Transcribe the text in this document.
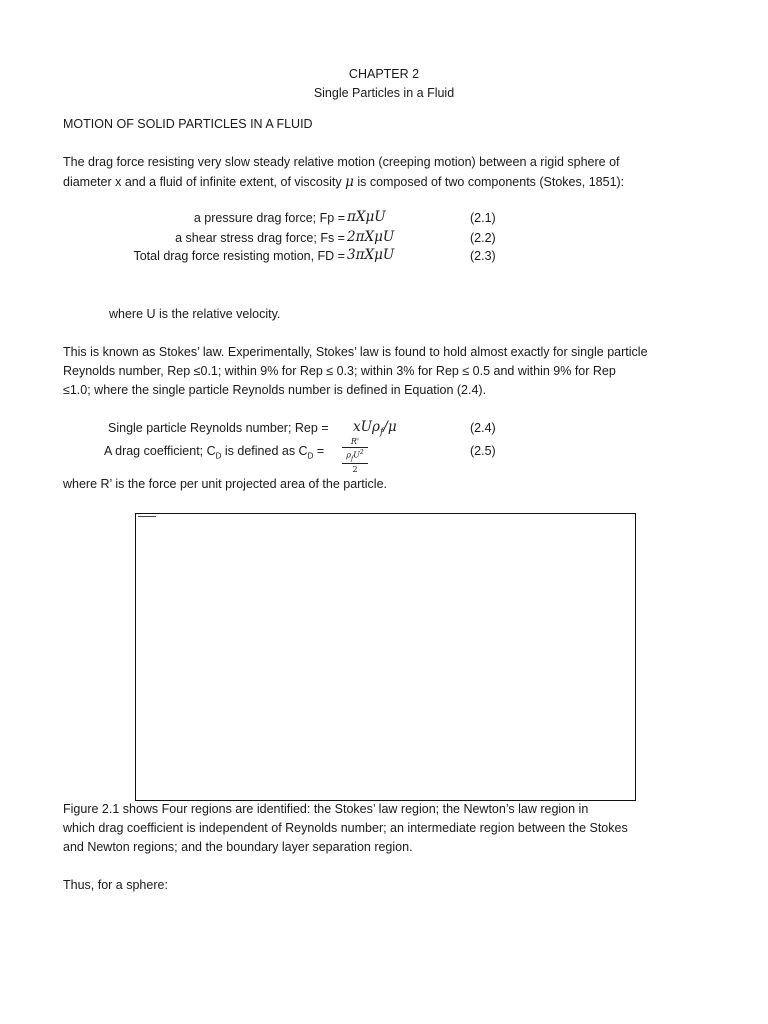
CHAPTER 2
Single Particles in a Fluid
MOTION OF SOLID PARTICLES IN A FLUID
The drag force resisting very slow steady relative motion (creeping motion) between a rigid sphere of
diameter x and a fluid of infinite extent, of viscosity μ is composed of two components (Stokes, 1851):
a pressure drag force; Fp = πXμU	(2.1)
a shear stress drag force; Fs = 2πXμU	(2.2)
Total drag force resisting motion, FD = 3πXμU	(2.3)
where U is the relative velocity.
This is known as Stokes’ law. Experimentally, Stokes’ law is found to hold almost exactly for single particle
Reynolds number, Rep ≤0.1; within 9% for Rep ≤ 0.3; within 3% for Rep ≤ 0.5 and within 9% for Rep
≤1.0; where the single particle Reynolds number is defined in Equation (2.4).
Single particle Reynolds number; Rep = xUρ$_f$/μ	(2.4)
A drag coefficient; $C_D$ is defined as $C_D$ =
R'
$\rho_fU^2$
2
(2.5)
where R’ is the force per unit projected area of the particle.
▬▬▬▬▬▬
Figure 2.1 shows Four regions are identified: the Stokes’ law region; the Newton’s law region in
which drag coefficient is independent of Reynolds number; an intermediate region between the Stokes
and Newton regions; and the boundary layer separation region.
Thus, for a sphere:
